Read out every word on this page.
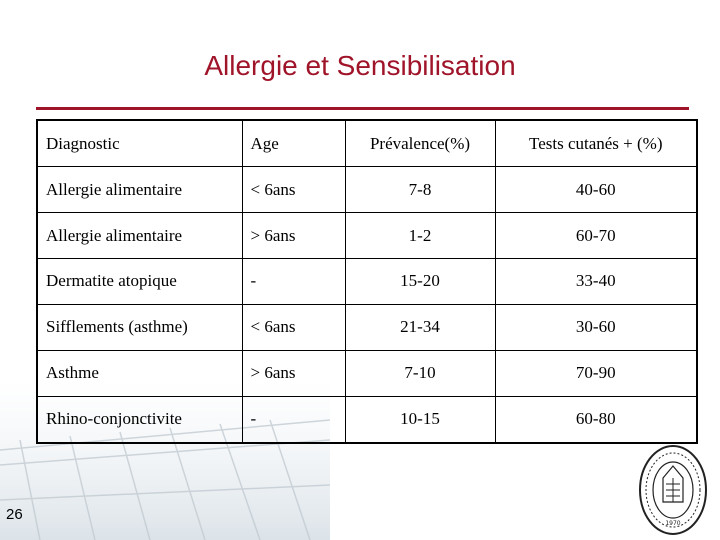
Allergie et Sensibilisation
Diagnostic	Age	Prévalence(%)	Tests cutanés + (%)
Allergie alimentaire	< 6ans	7-8	40-60
Allergie alimentaire	> 6ans	1-2	60-70
Dermatite atopique	-	15-20	33-40
Sifflements (asthme)	< 6ans	21-34	30-60
Asthme	> 6ans	7-10	70-90
Rhino-conjonctivite	-	10-15	60-80
26
1970
